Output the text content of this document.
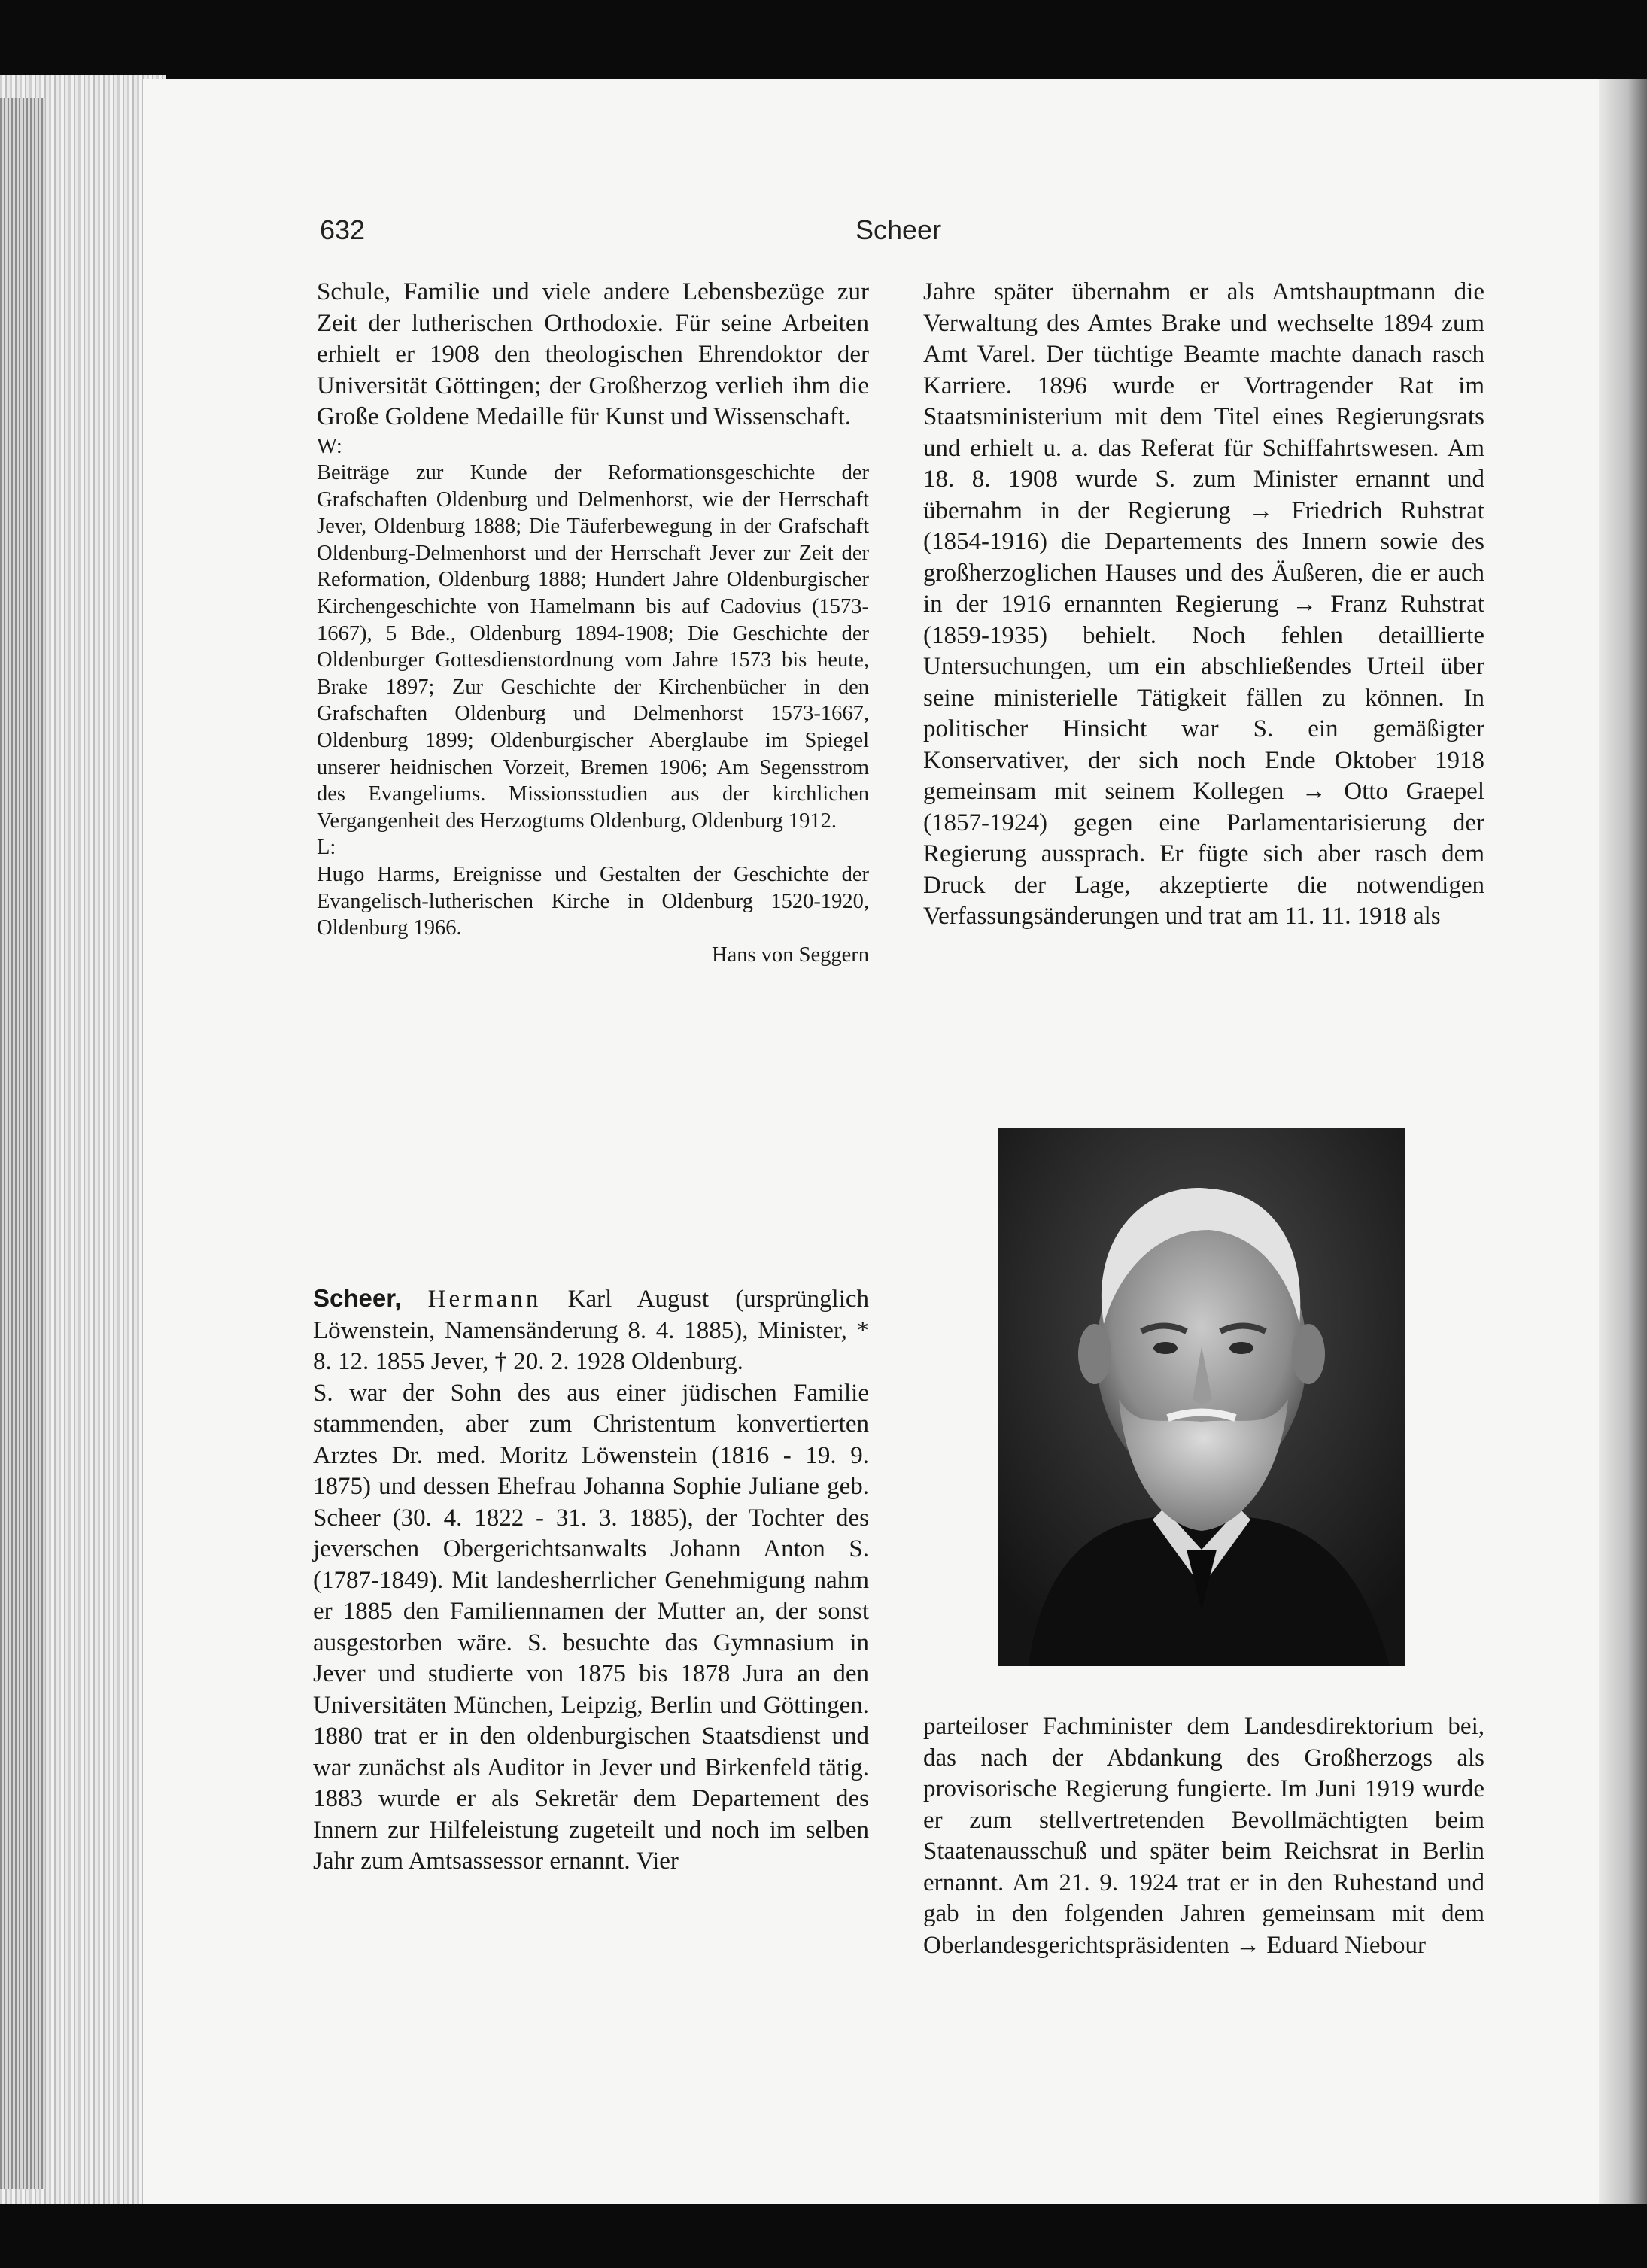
632	Scheer

Schule, Familie und viele andere Lebensbezüge zur Zeit der lutherischen Orthodoxie. Für seine Arbeiten erhielt er 1908 den theologischen Ehrendoktor der Universität Göttingen; der Großherzog verlieh ihm die Große Goldene Medaille für Kunst und Wissenschaft.

W:

Beiträge zur Kunde der Reformationsgeschichte der Grafschaften Oldenburg und Delmenhorst, wie der Herrschaft Jever, Oldenburg 1888; Die Täuferbewegung in der Grafschaft Oldenburg-Delmenhorst und der Herrschaft Jever zur Zeit der Reformation, Oldenburg 1888; Hundert Jahre Oldenburgischer Kirchengeschichte von Hamelmann bis auf Cadovius (1573-1667), 5 Bde., Oldenburg 1894-1908; Die Geschichte der Oldenburger Gottesdienstordnung vom Jahre 1573 bis heute, Brake 1897; Zur Geschichte der Kirchenbücher in den Grafschaften Oldenburg und Delmenhorst 1573-1667, Oldenburg 1899; Oldenburgischer Aberglaube im Spiegel unserer heidnischen Vorzeit, Bremen 1906; Am Segensstrom des Evangeliums. Missionsstudien aus der kirchlichen Vergangenheit des Herzogtums Oldenburg, Oldenburg 1912.

L:

Hugo Harms, Ereignisse und Gestalten der Geschichte der Evangelisch-lutherischen Kirche in Oldenburg 1520-1920, Oldenburg 1966.

Hans von Seggern

Scheer, Hermann Karl August (ursprünglich Löwenstein, Namensänderung 8. 4. 1885), Minister, * 8. 12. 1855 Jever, † 20. 2. 1928 Oldenburg.

S. war der Sohn des aus einer jüdischen Familie stammenden, aber zum Christentum konvertierten Arztes Dr. med. Moritz Löwenstein (1816 - 19. 9. 1875) und dessen Ehefrau Johanna Sophie Juliane geb. Scheer (30. 4. 1822 - 31. 3. 1885), der Tochter des jeverschen Obergerichtsanwalts Johann Anton S. (1787-1849). Mit landesherrlicher Genehmigung nahm er 1885 den Familiennamen der Mutter an, der sonst ausgestorben wäre. S. besuchte das Gymnasium in Jever und studierte von 1875 bis 1878 Jura an den Universitäten München, Leipzig, Berlin und Göttingen. 1880 trat er in den oldenburgischen Staatsdienst und war zunächst als Auditor in Jever und Birkenfeld tätig. 1883 wurde er als Sekretär dem Departement des Innern zur Hilfeleistung zugeteilt und noch im selben Jahr zum Amtsassessor ernannt. Vier

Jahre später übernahm er als Amtshauptmann die Verwaltung des Amtes Brake und wechselte 1894 zum Amt Varel. Der tüchtige Beamte machte danach rasch Karriere. 1896 wurde er Vortragender Rat im Staatsministerium mit dem Titel eines Regierungsrats und erhielt u. a. das Referat für Schiffahrtswesen. Am 18. 8. 1908 wurde S. zum Minister ernannt und übernahm in der Regierung → Friedrich Ruhstrat (1854-1916) die Departements des Innern sowie des großherzoglichen Hauses und des Äußeren, die er auch in der 1916 ernannten Regierung → Franz Ruhstrat (1859-1935) behielt. Noch fehlen detaillierte Untersuchungen, um ein abschließendes Urteil über seine ministerielle Tätigkeit fällen zu können. In politischer Hinsicht war S. ein gemäßigter Konservativer, der sich noch Ende Oktober 1918 gemeinsam mit seinem Kollegen → Otto Graepel (1857-1924) gegen eine Parlamentarisierung der Regierung aussprach. Er fügte sich aber rasch dem Druck der Lage, akzeptierte die notwendigen Verfassungsänderungen und trat am 11. 11. 1918 als

parteiloser Fachminister dem Landesdirektorium bei, das nach der Abdankung des Großherzogs als provisorische Regierung fungierte. Im Juni 1919 wurde er zum stellvertretenden Bevollmächtigten beim Staatenausschuß und später beim Reichsrat in Berlin ernannt. Am 21. 9. 1924 trat er in den Ruhestand und gab in den folgenden Jahren gemeinsam mit dem Oberlandesgerichtspräsidenten → Eduard Niebour
